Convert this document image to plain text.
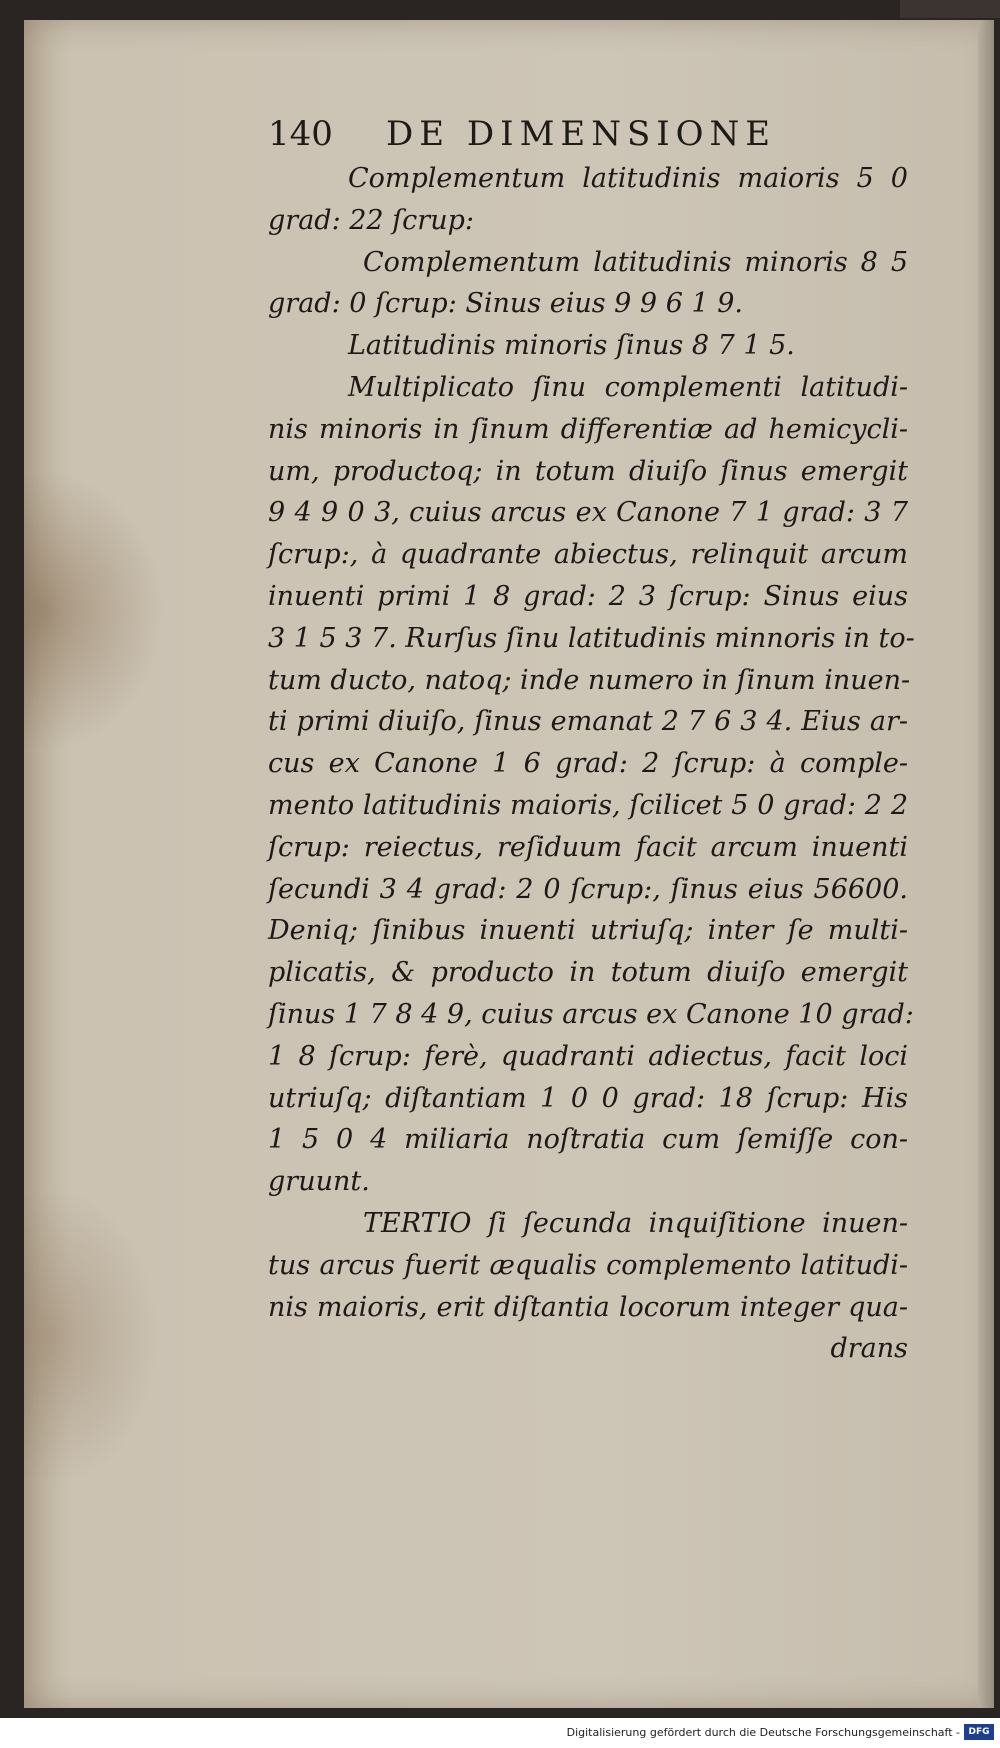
140 DE DIMENSIONE
Complementum latitudinis maioris 5 0
grad: 22 ſcrup:
Complementum latitudinis minoris 8 5
grad: 0 ſcrup: Sinus eius 9 9 6 1 9.
Latitudinis minoris ſinus 8 7 1 5.
Multiplicato ſinu complementi latitudi-
nis minoris in ſinum differentiæ ad hemicycli-
um, productoq; in totum diuiſo ſinus emergit
9 4 9 0 3, cuius arcus ex Canone 7 1 grad: 3 7
ſcrup:, à quadrante abiectus, relinquit arcum
inuenti primi 1 8 grad: 2 3 ſcrup: Sinus eius
3 1 5 3 7. Rurſus ſinu latitudinis minnoris in to-
tum ducto, natoq; inde numero in ſinum inuen-
ti primi diuiſo, ſinus emanat 2 7 6 3 4. Eius ar-
cus ex Canone 1 6 grad: 2 ſcrup: à comple-
mento latitudinis maioris, ſcilicet 5 0 grad: 2 2
ſcrup: reiectus, reſiduum facit arcum inuenti
ſecundi 3 4 grad: 2 0 ſcrup:, ſinus eius 56600.
Deniq; ſinibus inuenti utriuſq; inter ſe multi-
plicatis, & producto in totum diuiſo emergit
ſinus 1 7 8 4 9, cuius arcus ex Canone 10 grad:
1 8 ſcrup: ferè, quadranti adiectus, facit loci
utriuſq; diſtantiam 1 0 0 grad: 18 ſcrup: His
1 5 0 4 miliaria noſtratia cum ſemiſſe con-
gruunt.
TERTIO ſi ſecunda inquiſitione inuen-
tus arcus fuerit æqualis complemento latitudi-
nis maioris, erit diſtantia locorum integer qua-
drans
Digitalisierung gefördert durch die Deutsche Forschungsgemeinschaft - DFG
